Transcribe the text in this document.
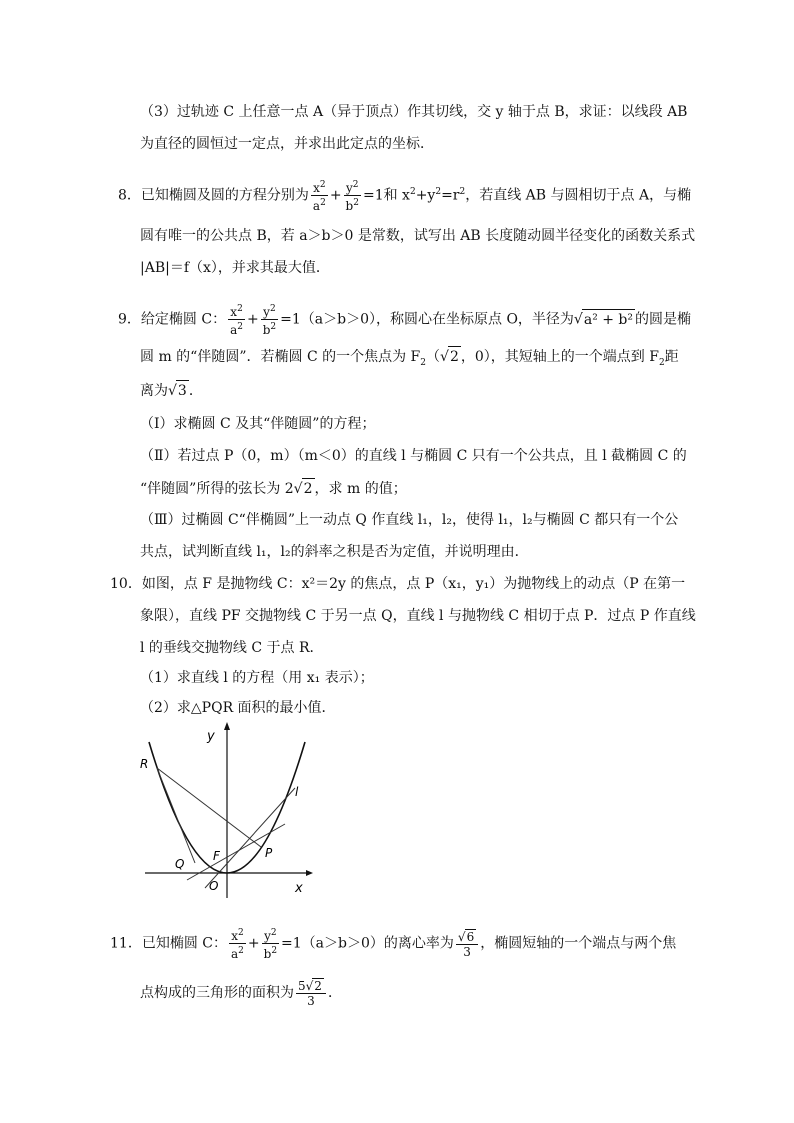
（3）过轨迹 C 上任意一点 A（异于顶点）作其切线，交 y 轴于点 B，求证：以线段 AB
为直径的圆恒过一定点，并求出此定点的坐标．
8．已知椭圆及圆的方程分别为 $\frac{x^2}{a^2} + \frac{y^2}{b^2} =1$和 $x^2+y^2=r^2$，若直线 AB 与圆相切于点 A，与椭
圆有唯一的公共点 B，若 a＞b＞0 是常数，试写出 AB 长度随动圆半径变化的函数关系式
|AB|＝f（x），并求其最大值．
9．给定椭圆 C： $\frac{x^2}{a^2} + \frac{y^2}{b^2} =1(a>b>0)$，称圆心在坐标原点 O，半径为√a² + b² 的圆是椭
圆 m 的“伴随圆”．若椭圆 C 的一个焦点为 $F_2(√2$ ，0），其短轴上的一个端点到 $F_2$距
离为√3 ．
（Ⅰ）求椭圆 C 及其“伴随圆”的方程；
（Ⅱ）若过点 P（0，m）（m＜0）的直线 l 与椭圆 C 只有一个公共点，且 l 截椭圆 C 的
“伴随圆”所得的弦长为 2√2 ，求 m 的值；
（Ⅲ）过椭圆 C“伴椭圆”上一动点 Q 作直线 l₁，l₂，使得 l₁，l₂与椭圆 C 都只有一个公
共点，试判断直线 l₁，l₂的斜率之积是否为定值，并说明理由．
10．如图，点 F 是抛物线 C：x²＝2y 的焦点，点 P（x₁，y₁）为抛物线上的动点（P 在第一
象限），直线 PF 交抛物线 C 于另一点 Q，直线 l 与抛物线 C 相切于点 P．过点 P 作直线
l 的垂线交抛物线 C 于点 R．
（1）求直线 l 的方程（用 x₁ 表示）；
（2）求△PQR 面积的最小值．
y
x
R
l
F	P
Q
O
11．已知椭圆 C： $\frac{x^2}{a^2} + \frac{y^2}{b^2} =1(a>b>0)$的离心率为 $\frac{√6}{3}$ ，椭圆短轴的一个端点与两个焦
点构成的三角形的面积为 $\frac{5√2}{3}$ ．
